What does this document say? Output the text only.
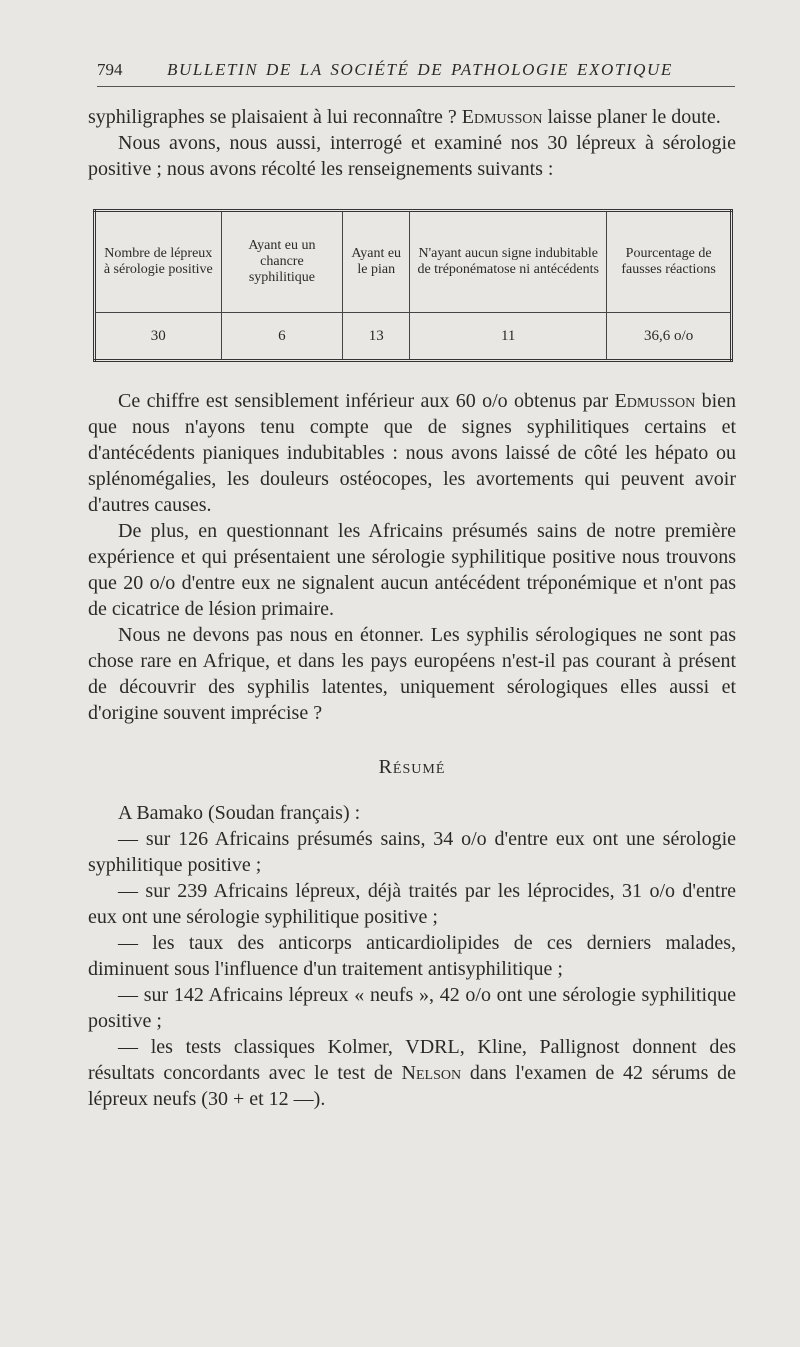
794	BULLETIN DE LA SOCIÉTÉ DE PATHOLOGIE EXOTIQUE

syphiligraphes se plaisaient à lui reconnaître ? Edmusson laisse planer le doute.

Nous avons, nous aussi, interrogé et examiné nos 30 lépreux à sérologie positive ; nous avons récolté les renseignements suivants :

Nombre de lépreux à sérologie positive	Ayant eu un chancre syphilitique	Ayant eu le pian	N'ayant aucun signe indubitable de tréponématose ni antécédents	Pourcentage de fausses réactions
30	6	13	11	36,6 o/o

Ce chiffre est sensiblement inférieur aux 60 o/o obtenus par Edmusson bien que nous n'ayons tenu compte que de signes syphilitiques certains et d'antécédents pianiques indubitables : nous avons laissé de côté les hépato ou splénomégalies, les douleurs ostéocopes, les avortements qui peuvent avoir d'autres causes.

De plus, en questionnant les Africains présumés sains de notre première expérience et qui présentaient une sérologie syphilitique positive nous trouvons que 20 o/o d'entre eux ne signalent aucun antécédent tréponémique et n'ont pas de cicatrice de lésion primaire.

Nous ne devons pas nous en étonner. Les syphilis sérologiques ne sont pas chose rare en Afrique, et dans les pays européens n'est-il pas courant à présent de découvrir des syphilis latentes, uniquement sérologiques elles aussi et d'origine souvent imprécise ?

Résumé

A Bamako (Soudan français) :

— sur 126 Africains présumés sains, 34 o/o d'entre eux ont une sérologie syphilitique positive ;

— sur 239 Africains lépreux, déjà traités par les léprocides, 31 o/o d'entre eux ont une sérologie syphilitique positive ;

— les taux des anticorps anticardiolipides de ces derniers malades, diminuent sous l'influence d'un traitement antisyphilitique ;

— sur 142 Africains lépreux « neufs », 42 o/o ont une sérologie syphilitique positive ;

— les tests classiques Kolmer, VDRL, Kline, Pallignost donnent des résultats concordants avec le test de Nelson dans l'examen de 42 sérums de lépreux neufs (30 + et 12 —).
